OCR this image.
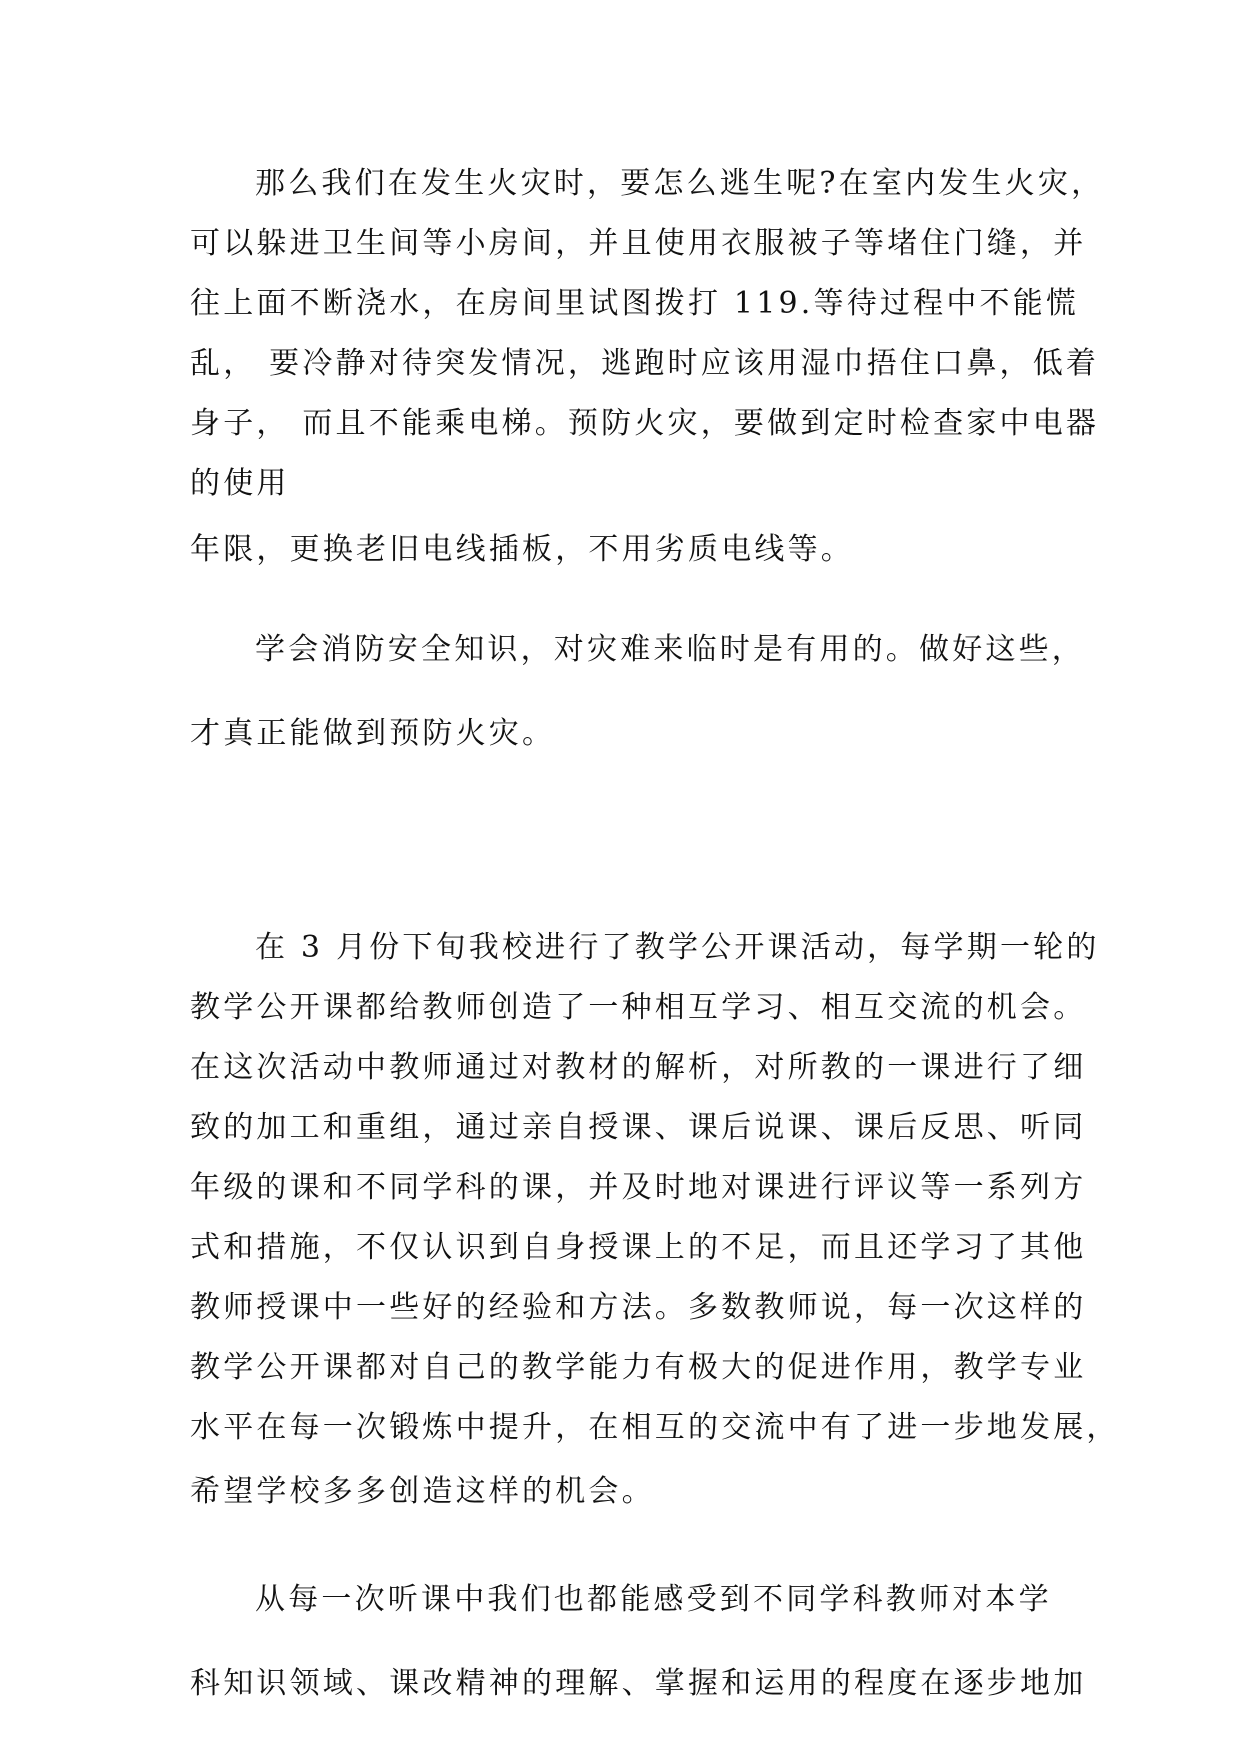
那么我们在发生火灾时，要怎么逃生呢?在室内发生火灾，
可以躲进卫生间等小房间，并且使用衣服被子等堵住门缝，并
往上面不断浇水，在房间里试图拨打 119.等待过程中不能慌
乱， 要冷静对待突发情况，逃跑时应该用湿巾捂住口鼻，低着
身子， 而且不能乘电梯。预防火灾，要做到定时检查家中电器
的使用
年限，更换老旧电线插板，不用劣质电线等。
学会消防安全知识，对灾难来临时是有用的。做好这些，
才真正能做到预防火灾。
在 3 月份下旬我校进行了教学公开课活动，每学期一轮的
教学公开课都给教师创造了一种相互学习、相互交流的机会。
在这次活动中教师通过对教材的解析，对所教的一课进行了细
致的加工和重组，通过亲自授课、课后说课、课后反思、听同
年级的课和不同学科的课，并及时地对课进行评议等一系列方
式和措施，不仅认识到自身授课上的不足，而且还学习了其他
教师授课中一些好的经验和方法。多数教师说，每一次这样的
教学公开课都对自己的教学能力有极大的促进作用，教学专业
水平在每一次锻炼中提升，在相互的交流中有了进一步地发展，
希望学校多多创造这样的机会。
从每一次听课中我们也都能感受到不同学科教师对本学
科知识领域、课改精神的理解、掌握和运用的程度在逐步地加
